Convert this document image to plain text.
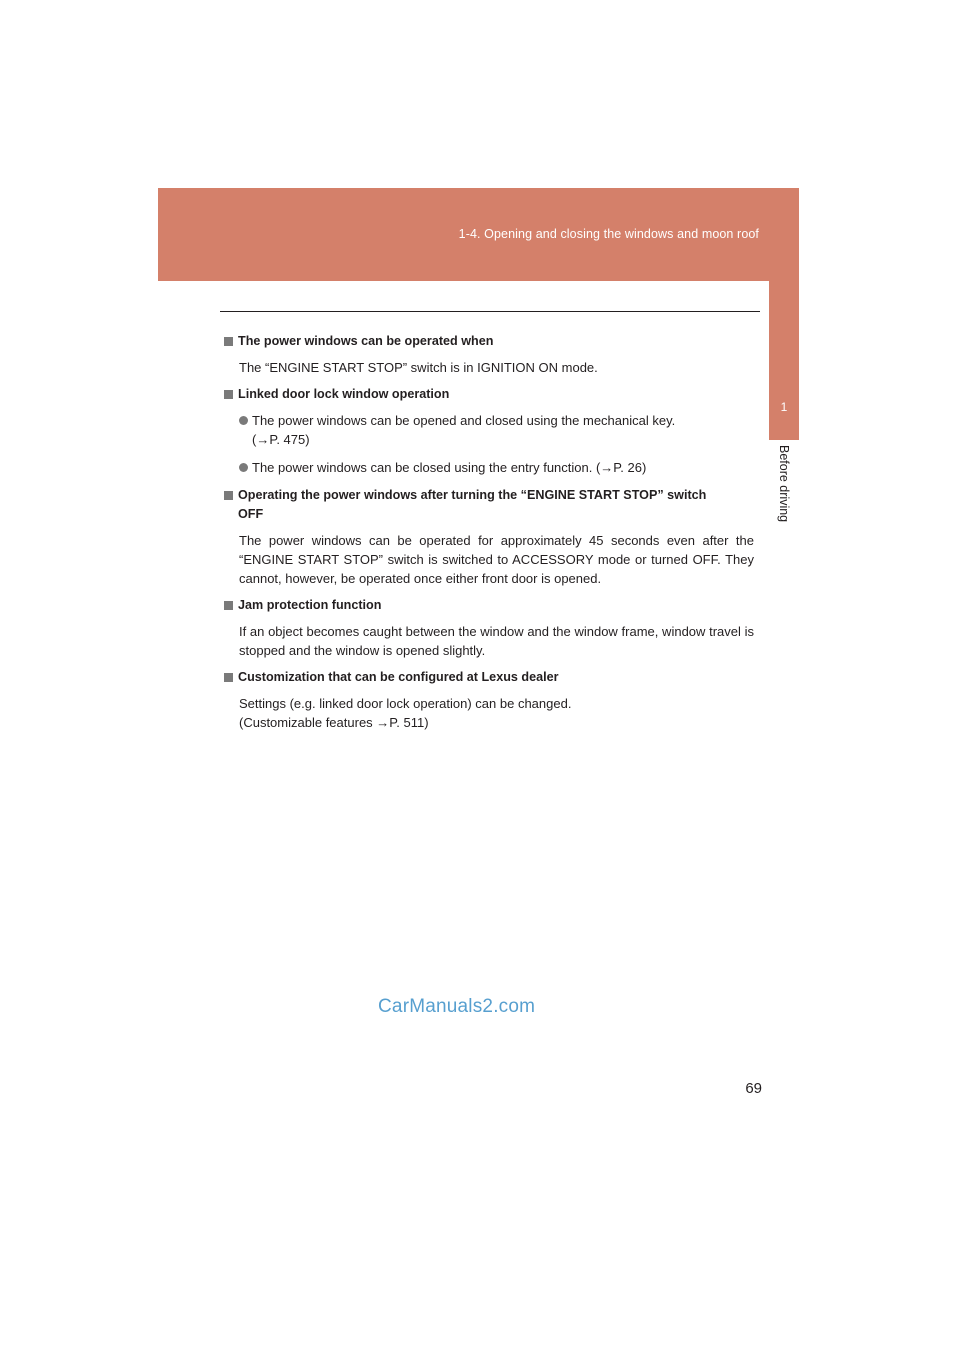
1-4. Opening and closing the windows and moon roof
1
Before driving

The power windows can be operated when

The “ENGINE START STOP” switch is in IGNITION ON mode.

Linked door lock window operation

The power windows can be opened and closed using the mechanical key.
(→P. 475)

The power windows can be closed using the entry function. (→P. 26)

Operating the power windows after turning the “ENGINE START STOP” switch
OFF

The power windows can be operated for approximately 45 seconds even after the “ENGINE START STOP” switch is switched to ACCESSORY mode or turned OFF. They cannot, however, be operated once either front door is opened.

Jam protection function

If an object becomes caught between the window and the window frame, window travel is stopped and the window is opened slightly.

Customization that can be configured at Lexus dealer

Settings (e.g. linked door lock operation) can be changed.
(Customizable features →P. 511)

CarManuals2.com
69
